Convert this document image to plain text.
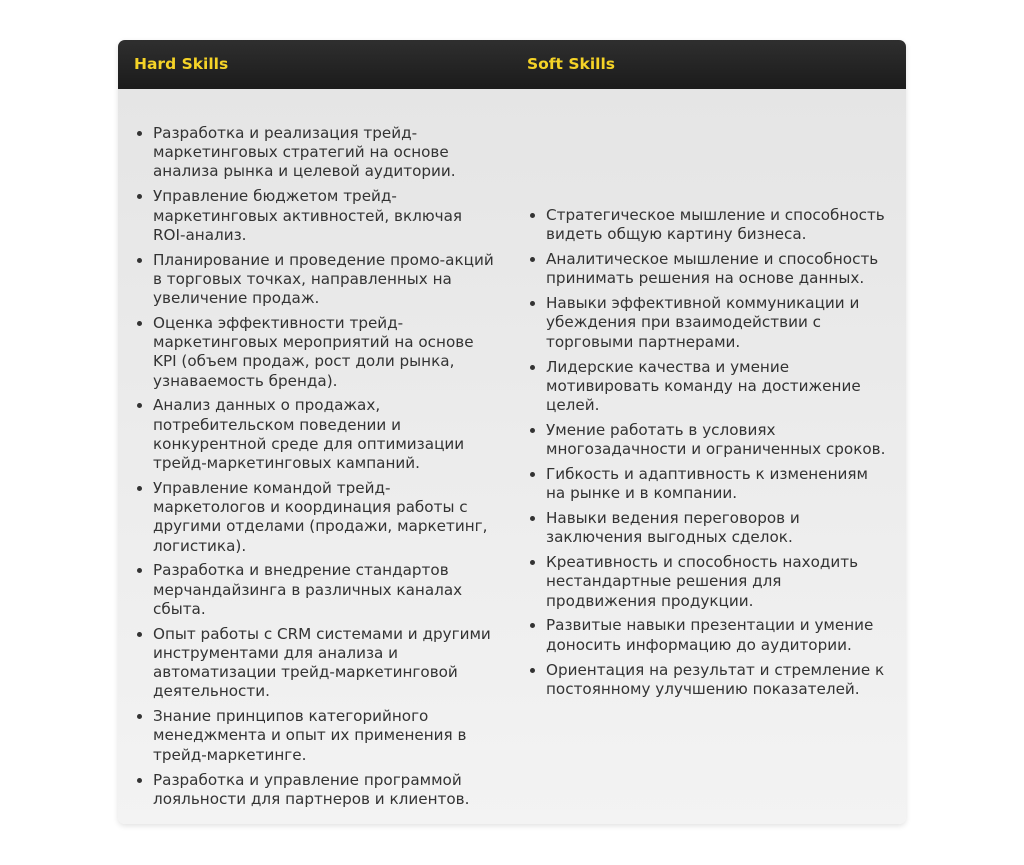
Hard Skills	Soft Skills
Разработка и реализация трейд-маркетинговых стратегий на основе анализа рынка и целевой аудитории.
Управление бюджетом трейд-маркетинговых активностей, включая ROI-анализ.
Планирование и проведение промо-акций в торговых точках, направленных на увеличение продаж.
Оценка эффективности трейд-маркетинговых мероприятий на основе KPI (объем продаж, рост доли рынка, узнаваемость бренда).
Анализ данных о продажах, потребительском поведении и конкурентной среде для оптимизации трейд-маркетинговых кампаний.
Управление командой трейд-маркетологов и координация работы с другими отделами (продажи, маркетинг, логистика).
Разработка и внедрение стандартов мерчандайзинга в различных каналах сбыта.
Опыт работы с CRM системами и другими инструментами для анализа и автоматизации трейд-маркетинговой деятельности.
Знание принципов категорийного менеджмента и опыт их применения в трейд-маркетинге.
Разработка и управление программой лояльности для партнеров и клиентов.
Стратегическое мышление и способность видеть общую картину бизнеса.
Аналитическое мышление и способность принимать решения на основе данных.
Навыки эффективной коммуникации и убеждения при взаимодействии с торговыми партнерами.
Лидерские качества и умение мотивировать команду на достижение целей.
Умение работать в условиях многозадачности и ограниченных сроков.
Гибкость и адаптивность к изменениям на рынке и в компании.
Навыки ведения переговоров и заключения выгодных сделок.
Креативность и способность находить нестандартные решения для продвижения продукции.
Развитые навыки презентации и умение доносить информацию до аудитории.
Ориентация на результат и стремление к постоянному улучшению показателей.
